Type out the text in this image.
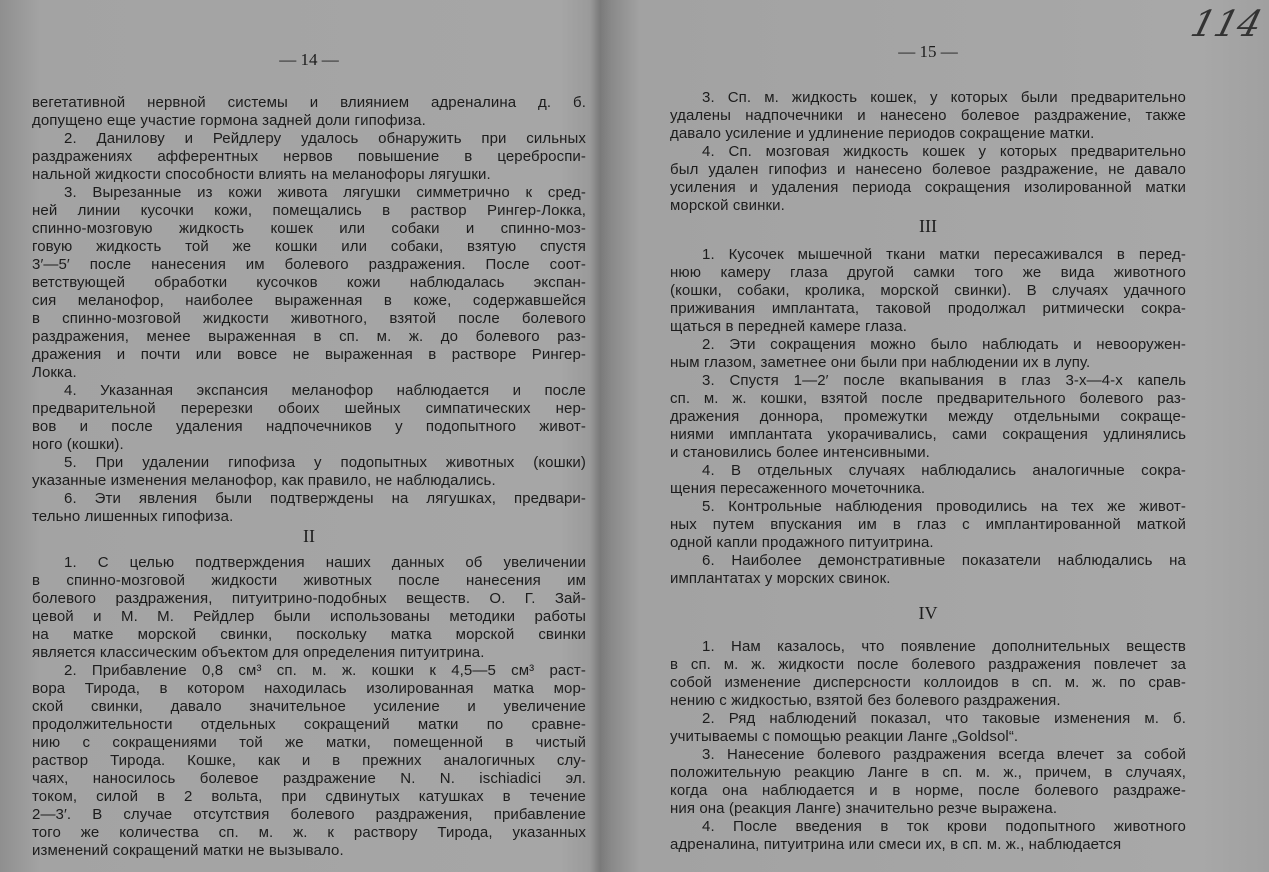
— 14 —
вегетативной нервной системы и влиянием адреналина д. б.
допущено еще участие гормона задней доли гипофиза.
2. Данилову и Рейдлеру удалось обнаружить при сильных
раздражениях афферентных нервов повышение в цереброспи-
нальной жидкости способности влиять на меланофоры лягушки.
3. Вырезанные из кожи живота лягушки симметрично к сред-
ней линии кусочки кожи, помещались в раствор Рингер-Локка,
спинно-мозговую жидкость кошек или собаки и спинно-моз-
говую жидкость той же кошки или собаки, взятую спустя
3′—5′ после нанесения им болевого раздражения. После соот-
ветствующей обработки кусочков кожи наблюдалась экспан-
сия меланофор, наиболее выраженная в коже, содержавшейся
в спинно-мозговой жидкости животного, взятой после болевого
раздражения, менее выраженная в сп. м. ж. до болевого раз-
дражения и почти или вовсе не выраженная в растворе Рингер-
Локка.
4. Указанная экспансия меланофор наблюдается и после
предварительной перерезки обоих шейных симпатических нер-
вов и после удаления надпочечников у подопытного живот-
ного (кошки).
5. При удалении гипофиза у подопытных животных (кошки)
указанные изменения меланофор, как правило, не наблюдались.
6. Эти явления были подтверждены на лягушках, предвари-
тельно лишенных гипофиза.
II
1. С целью подтверждения наших данных об увеличении
в спинно-мозговой жидкости животных после нанесения им
болевого раздражения, питуитрино-подобных веществ. О. Г. Зай-
цевой и М. М. Рейдлер были использованы методики работы
на матке морской свинки, поскольку матка морской свинки
является классическим объектом для определения питуитрина.
2. Прибавление 0,8 см³ сп. м. ж. кошки к 4,5—5 см³ раст-
вора Тирода, в котором находилась изолированная матка мор-
ской свинки, давало значительное усиление и увеличение
продолжительности отдельных сокращений матки по сравне-
нию с сокращениями той же матки, помещенной в чистый
раствор Тирода. Кошке, как и в прежних аналогичных слу-
чаях, наносилось болевое раздражение N. N. ischiadici эл.
током, силой в 2 вольта, при сдвинутых катушках в течение
2—3′. В случае отсутствия болевого раздражения, прибавление
того же количества сп. м. ж. к раствору Тирода, указанных
изменений сокращений матки не вызывало.
— 15 —
3. Сп. м. жидкость кошек, у которых были предварительно
удалены надпочечники и нанесено болевое раздражение, также
давало усиление и удлинение периодов сокращение матки.
4. Сп. мозговая жидкость кошек у которых предварительно
был удален гипофиз и нанесено болевое раздражение, не давало
усиления и удаления периода сокращения изолированной матки
морской свинки.
III
1. Кусочек мышечной ткани матки пересаживался в перед-
нюю камеру глаза другой самки того же вида животного
(кошки, собаки, кролика, морской свинки). В случаях удачного
приживания имплантата, таковой продолжал ритмически сокра-
щаться в передней камере глаза.
2. Эти сокращения можно было наблюдать и невооружен-
ным глазом, заметнее они были при наблюдении их в лупу.
3. Спустя 1—2′ после вкапывания в глаз 3-х—4-х капель
сп. м. ж. кошки, взятой после предварительного болевого раз-
дражения доннора, промежутки между отдельными сокраще-
ниями имплантата укорачивались, сами сокращения удлинялись
и становились более интенсивными.
4. В отдельных случаях наблюдались аналогичные сокра-
щения пересаженного мочеточника.
5. Контрольные наблюдения проводились на тех же живот-
ных путем впускания им в глаз с имплантированной маткой
одной капли продажного питуитрина.
6. Наиболее демонстративные показатели наблюдались на
имплантатах у морских свинок.
IV
1. Нам казалось, что появление дополнительных веществ
в сп. м. ж. жидкости после болевого раздражения повлечет за
собой изменение дисперсности коллоидов в сп. м. ж. по срав-
нению с жидкостью, взятой без болевого раздражения.
2. Ряд наблюдений показал, что таковые изменения м. б.
учитываемы с помощью реакции Ланге „Goldsol“.
3. Нанесение болевого раздражения всегда влечет за собой
положительную реакцию Ланге в сп. м. ж., причем, в случаях,
когда она наблюдается и в норме, после болевого раздраже-
ния она (реакция Ланге) значительно резче выражена.
4. После введения в ток крови подопытного животного
адреналина, питуитрина или смеси их, в сп. м. ж., наблюдается
114
